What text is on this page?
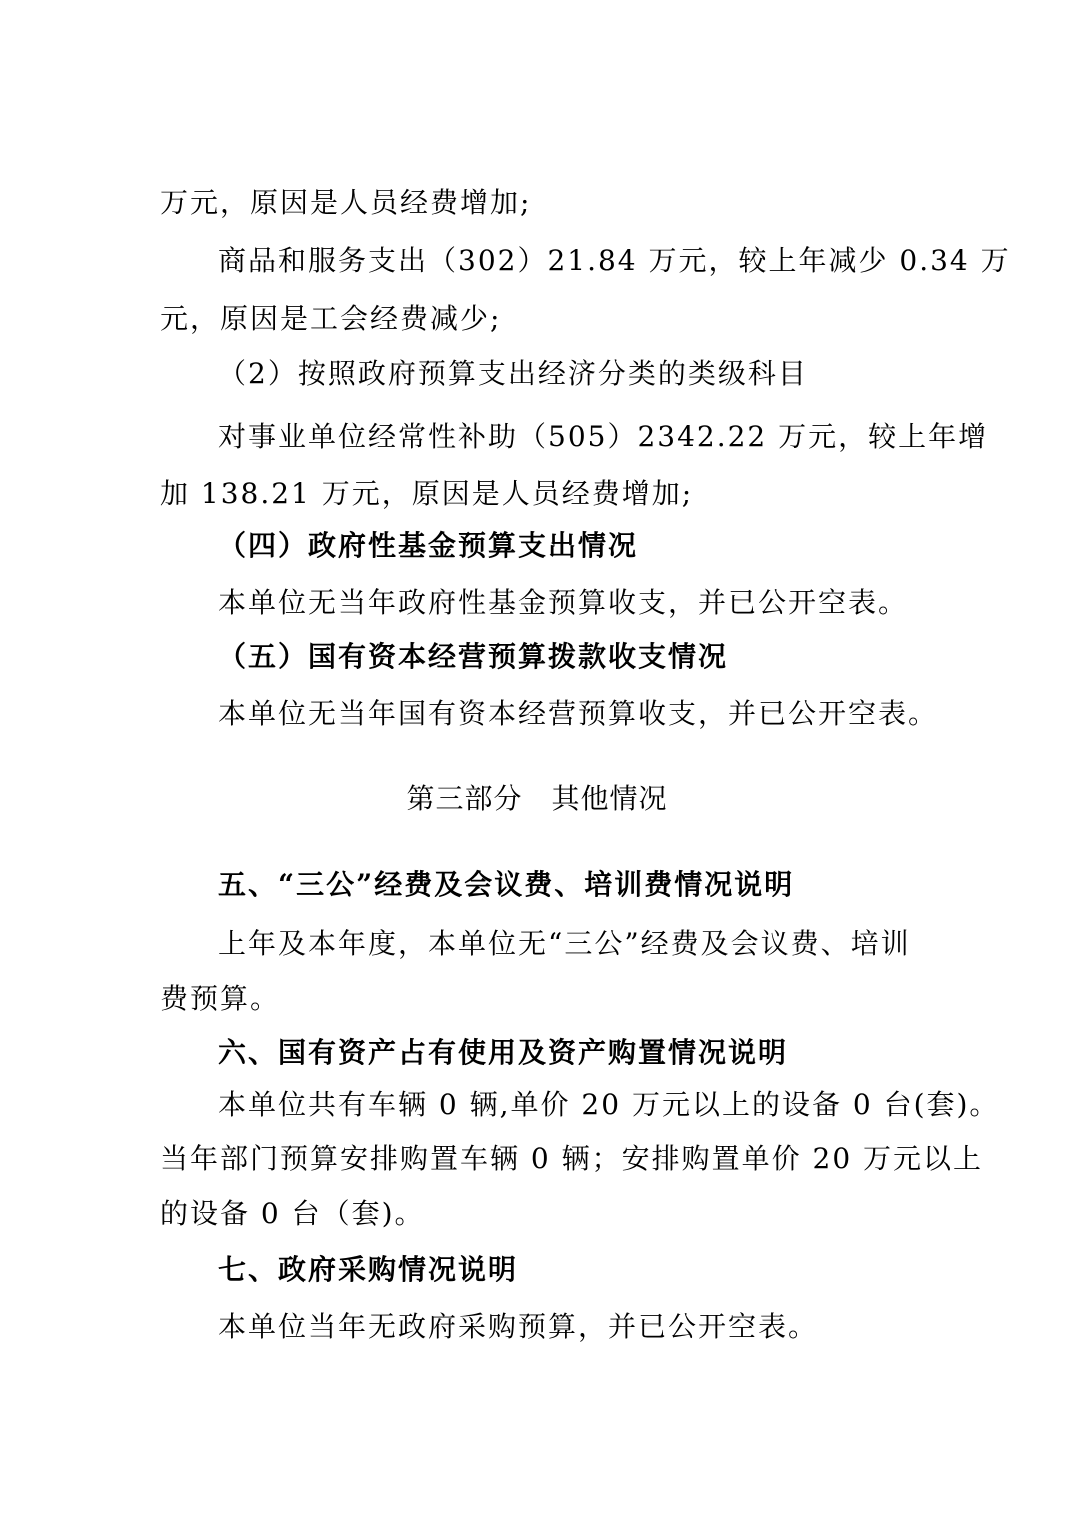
万元，原因是人员经费增加;

商品和服务支出（302）21.84 万元，较上年减少 0.34 万

元，原因是工会经费减少;

（2）按照政府预算支出经济分类的类级科目

对事业单位经常性补助（505）2342.22 万元，较上年增

加 138.21 万元，原因是人员经费增加;

（四）政府性基金预算支出情况

本单位无当年政府性基金预算收支，并已公开空表。

（五）国有资本经营预算拨款收支情况

本单位无当年国有资本经营预算收支，并已公开空表。

第三部分　其他情况

五、“三公”经费及会议费、培训费情况说明

上年及本年度，本单位无“三公”经费及会议费、培训

费预算。

六、国有资产占有使用及资产购置情况说明

本单位共有车辆 0 辆,单价 20 万元以上的设备 0 台(套)。

当年部门预算安排购置车辆 0 辆；安排购置单价 20 万元以上

的设备 0 台（套)。

七、政府采购情况说明

本单位当年无政府采购预算，并已公开空表。
